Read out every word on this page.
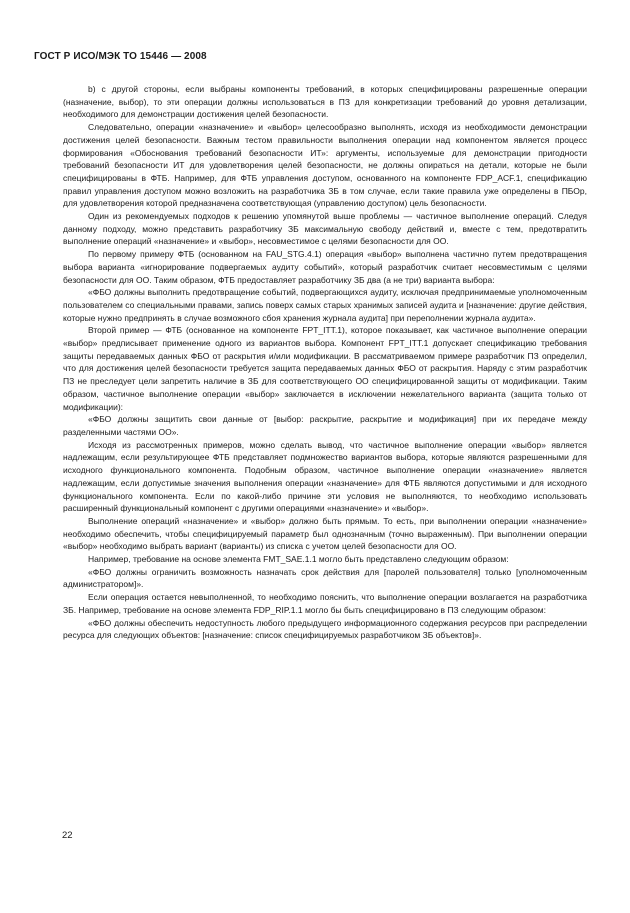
ГОСТ Р ИСО/МЭК ТО 15446 — 2008

b) с другой стороны, если выбраны компоненты требований, в которых специфицированы разрешенные операции (назначение, выбор), то эти операции должны использоваться в ПЗ для конкретизации требований до уровня детализации, необходимого для демонстрации достижения целей безопасности.

Следовательно, операции «назначение» и «выбор» целесообразно выполнять, исходя из необходимости демонстрации достижения целей безопасности. Важным тестом правильности выполнения операции над компонентом является процесс формирования «Обоснования требований безопасности ИТ»: аргументы, используемые для демонстрации пригодности требований безопасности ИТ для удовлетворения целей безопасности, не должны опираться на детали, которые не были специфицированы в ФТБ. Например, для ФТБ управления доступом, основанного на компоненте FDP_ACF.1, спецификацию правил управления доступом можно возложить на разработчика ЗБ в том случае, если такие правила уже определены в ПБОр, для удовлетворения которой предназначена соответствующая (управлению доступом) цель безопасности.

Один из рекомендуемых подходов к решению упомянутой выше проблемы — частичное выполнение операций. Следуя данному подходу, можно представить разработчику ЗБ максимальную свободу действий и, вместе с тем, предотвратить выполнение операций «назначение» и «выбор», несовместимое с целями безопасности для ОО.

По первому примеру ФТБ (основанном на FAU_STG.4.1) операция «выбор» выполнена частично путем предотвращения выбора варианта «игнорирование подвергаемых аудиту событий», который разработчик считает несовместимым с целями безопасности для ОО. Таким образом, ФТБ предоставляет разработчику ЗБ два (а не три) варианта выбора:

«ФБО должны выполнить предотвращение событий, подвергающихся аудиту, исключая предпринимаемые уполномоченным пользователем со специальными правами, запись поверх самых старых хранимых записей аудита и [назначение: другие действия, которые нужно предпринять в случае возможного сбоя хранения журнала аудита] при переполнении журнала аудита».

Второй пример — ФТБ (основанное на компоненте FPT_ITT.1), которое показывает, как частичное выполнение операции «выбор» предписывает применение одного из вариантов выбора. Компонент FPT_ITT.1 допускает спецификацию требования защиты передаваемых данных ФБО от раскрытия и/или модификации. В рассматриваемом примере разработчик ПЗ определил, что для достижения целей безопасности требуется защита передаваемых данных ФБО от раскрытия. Наряду с этим разработчик ПЗ не преследует цели запретить наличие в ЗБ для соответствующего ОО специфицированной защиты от модификации. Таким образом, частичное выполнение операции «выбор» заключается в исключении нежелательного варианта (защита только от модификации):

«ФБО должны защитить свои данные от [выбор: раскрытие, раскрытие и модификация] при их передаче между разделенными частями ОО».

Исходя из рассмотренных примеров, можно сделать вывод, что частичное выполнение операции «выбор» является надлежащим, если результирующее ФТБ представляет подмножество вариантов выбора, которые являются разрешенными для исходного функционального компонента. Подобным образом, частичное выполнение операции «назначение» является надлежащим, если допустимые значения выполнения операции «назначение» для ФТБ являются допустимыми и для исходного функционального компонента. Если по какой-либо причине эти условия не выполняются, то необходимо использовать расширенный функциональный компонент с другими операциями «назначение» и «выбор».

Выполнение операций «назначение» и «выбор» должно быть прямым. То есть, при выполнении операции «назначение» необходимо обеспечить, чтобы специфицируемый параметр был однозначным (точно выраженным). При выполнении операции «выбор» необходимо выбрать вариант (варианты) из списка с учетом целей безопасности для ОО.

Например, требование на основе элемента FMT_SAE.1.1 могло быть представлено следующим образом:

«ФБО должны ограничить возможность назначать срок действия для [паролей пользователя] только [уполномоченным администратором]».

Если операция остается невыполненной, то необходимо пояснить, что выполнение операции возлагается на разработчика ЗБ. Например, требование на основе элемента FDP_RIP.1.1 могло бы быть специфицировано в ПЗ следующим образом:

«ФБО должны обеспечить недоступность любого предыдущего информационного содержания ресурсов при распределении ресурса для следующих объектов: [назначение: список специфицируемых разработчиком ЗБ объектов]».

22
